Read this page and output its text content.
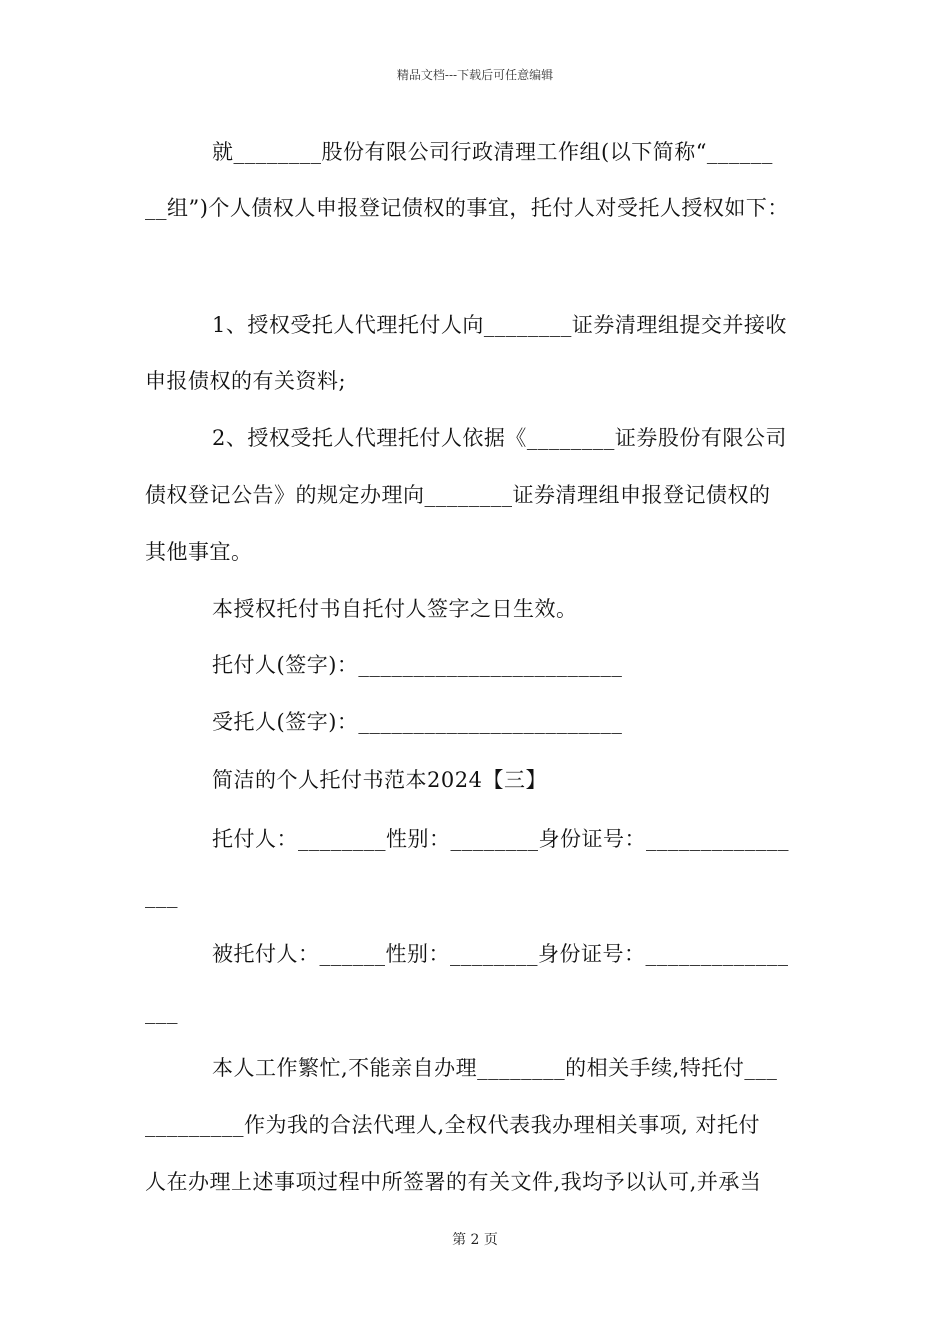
精品文档---下载后可任意编辑
就________股份有限公司行政清理工作组(以下简称“______
__组”)个人债权人申报登记债权的事宜，托付人对受托人授权如下：
1、授权受托人代理托付人向________证券清理组提交并接收
申报债权的有关资料;
2、授权受托人代理托付人依据《________证券股份有限公司
债权登记公告》的规定办理向________证券清理组申报登记债权的
其他事宜。
本授权托付书自托付人签字之日生效。
托付人(签字)：________________________
受托人(签字)：________________________
简洁的个人托付书范本2024【三】
托付人：________性别：________身份证号：_____________
___
被托付人：______性别：________身份证号：_____________
___
本人工作繁忙,不能亲自办理________的相关手续,特托付___
_________作为我的合法代理人,全权代表我办理相关事项, 对托付
人在办理上述事项过程中所签署的有关文件,我均予以认可,并承当
第 2 页
